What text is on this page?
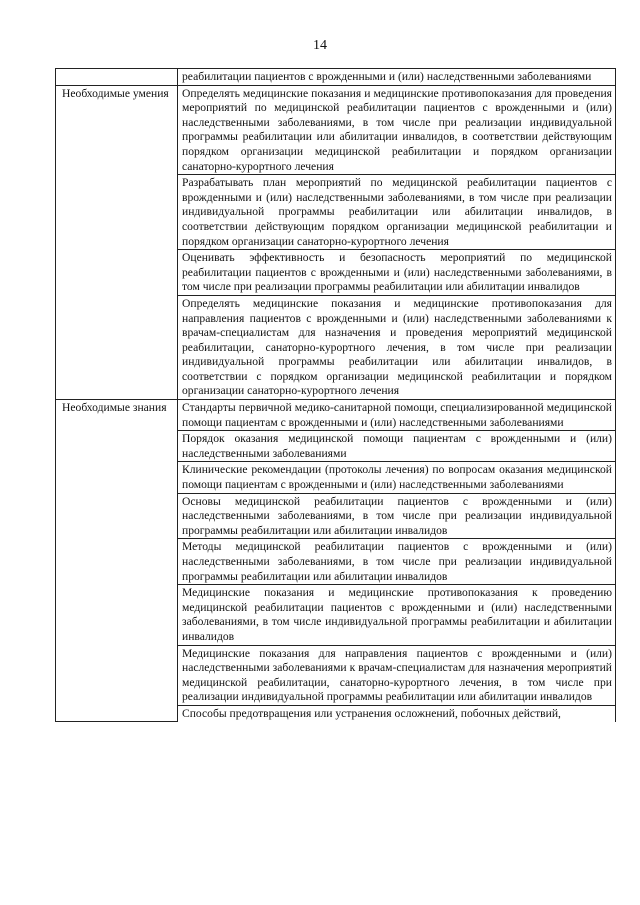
14
	реабилитации пациентов с врожденными и (или) наследственными заболеваниями
Необходимые умения	Определять медицинские показания и медицинские противопоказания для проведения мероприятий по медицинской реабилитации пациентов с врожденными и (или) наследственными заболеваниями, в том числе при реализации индивидуальной программы реабилитации или абилитации инвалидов, в соответствии действующим порядком организации медицинской реабилитации и порядком организации санаторно-курортного лечения
	Разрабатывать план мероприятий по медицинской реабилитации пациентов с врожденными и (или) наследственными заболеваниями, в том числе при реализации индивидуальной программы реабилитации или абилитации инвалидов, в соответствии действующим порядком организации медицинской реабилитации и порядком организации санаторно-курортного лечения
	Оценивать эффективность и безопасность мероприятий по медицинской реабилитации пациентов с врожденными и (или) наследственными заболеваниями, в том числе при реализации программы реабилитации или абилитации инвалидов
	Определять медицинские показания и медицинские противопоказания для направления пациентов с врожденными и (или) наследственными заболеваниями к врачам-специалистам для назначения и проведения мероприятий медицинской реабилитации, санаторно-курортного лечения, в том числе при реализации индивидуальной программы реабилитации или абилитации инвалидов, в соответствии с порядком организации медицинской реабилитации и порядком организации санаторно-курортного лечения
Необходимые знания	Стандарты первичной медико-санитарной помощи, специализированной медицинской помощи пациентам с врожденными и (или) наследственными заболеваниями
	Порядок оказания медицинской помощи пациентам с врожденными и (или) наследственными заболеваниями
	Клинические рекомендации (протоколы лечения) по вопросам оказания медицинской помощи пациентам с врожденными и (или) наследственными заболеваниями
	Основы медицинской реабилитации пациентов с врожденными и (или) наследственными заболеваниями, в том числе при реализации индивидуальной программы реабилитации или абилитации инвалидов
	Методы медицинской реабилитации пациентов с врожденными и (или) наследственными заболеваниями, в том числе при реализации индивидуальной программы реабилитации или абилитации инвалидов
	Медицинские показания и медицинские противопоказания к проведению медицинской реабилитации пациентов с врожденными и (или) наследственными заболеваниями, в том числе индивидуальной программы реабилитации и абилитации инвалидов
	Медицинские показания для направления пациентов с врожденными и (или) наследственными заболеваниями к врачам-специалистам для назначения мероприятий медицинской реабилитации, санаторно-курортного лечения, в том числе при реализации индивидуальной программы реабилитации или абилитации инвалидов
	Способы предотвращения или устранения осложнений, побочных действий,
